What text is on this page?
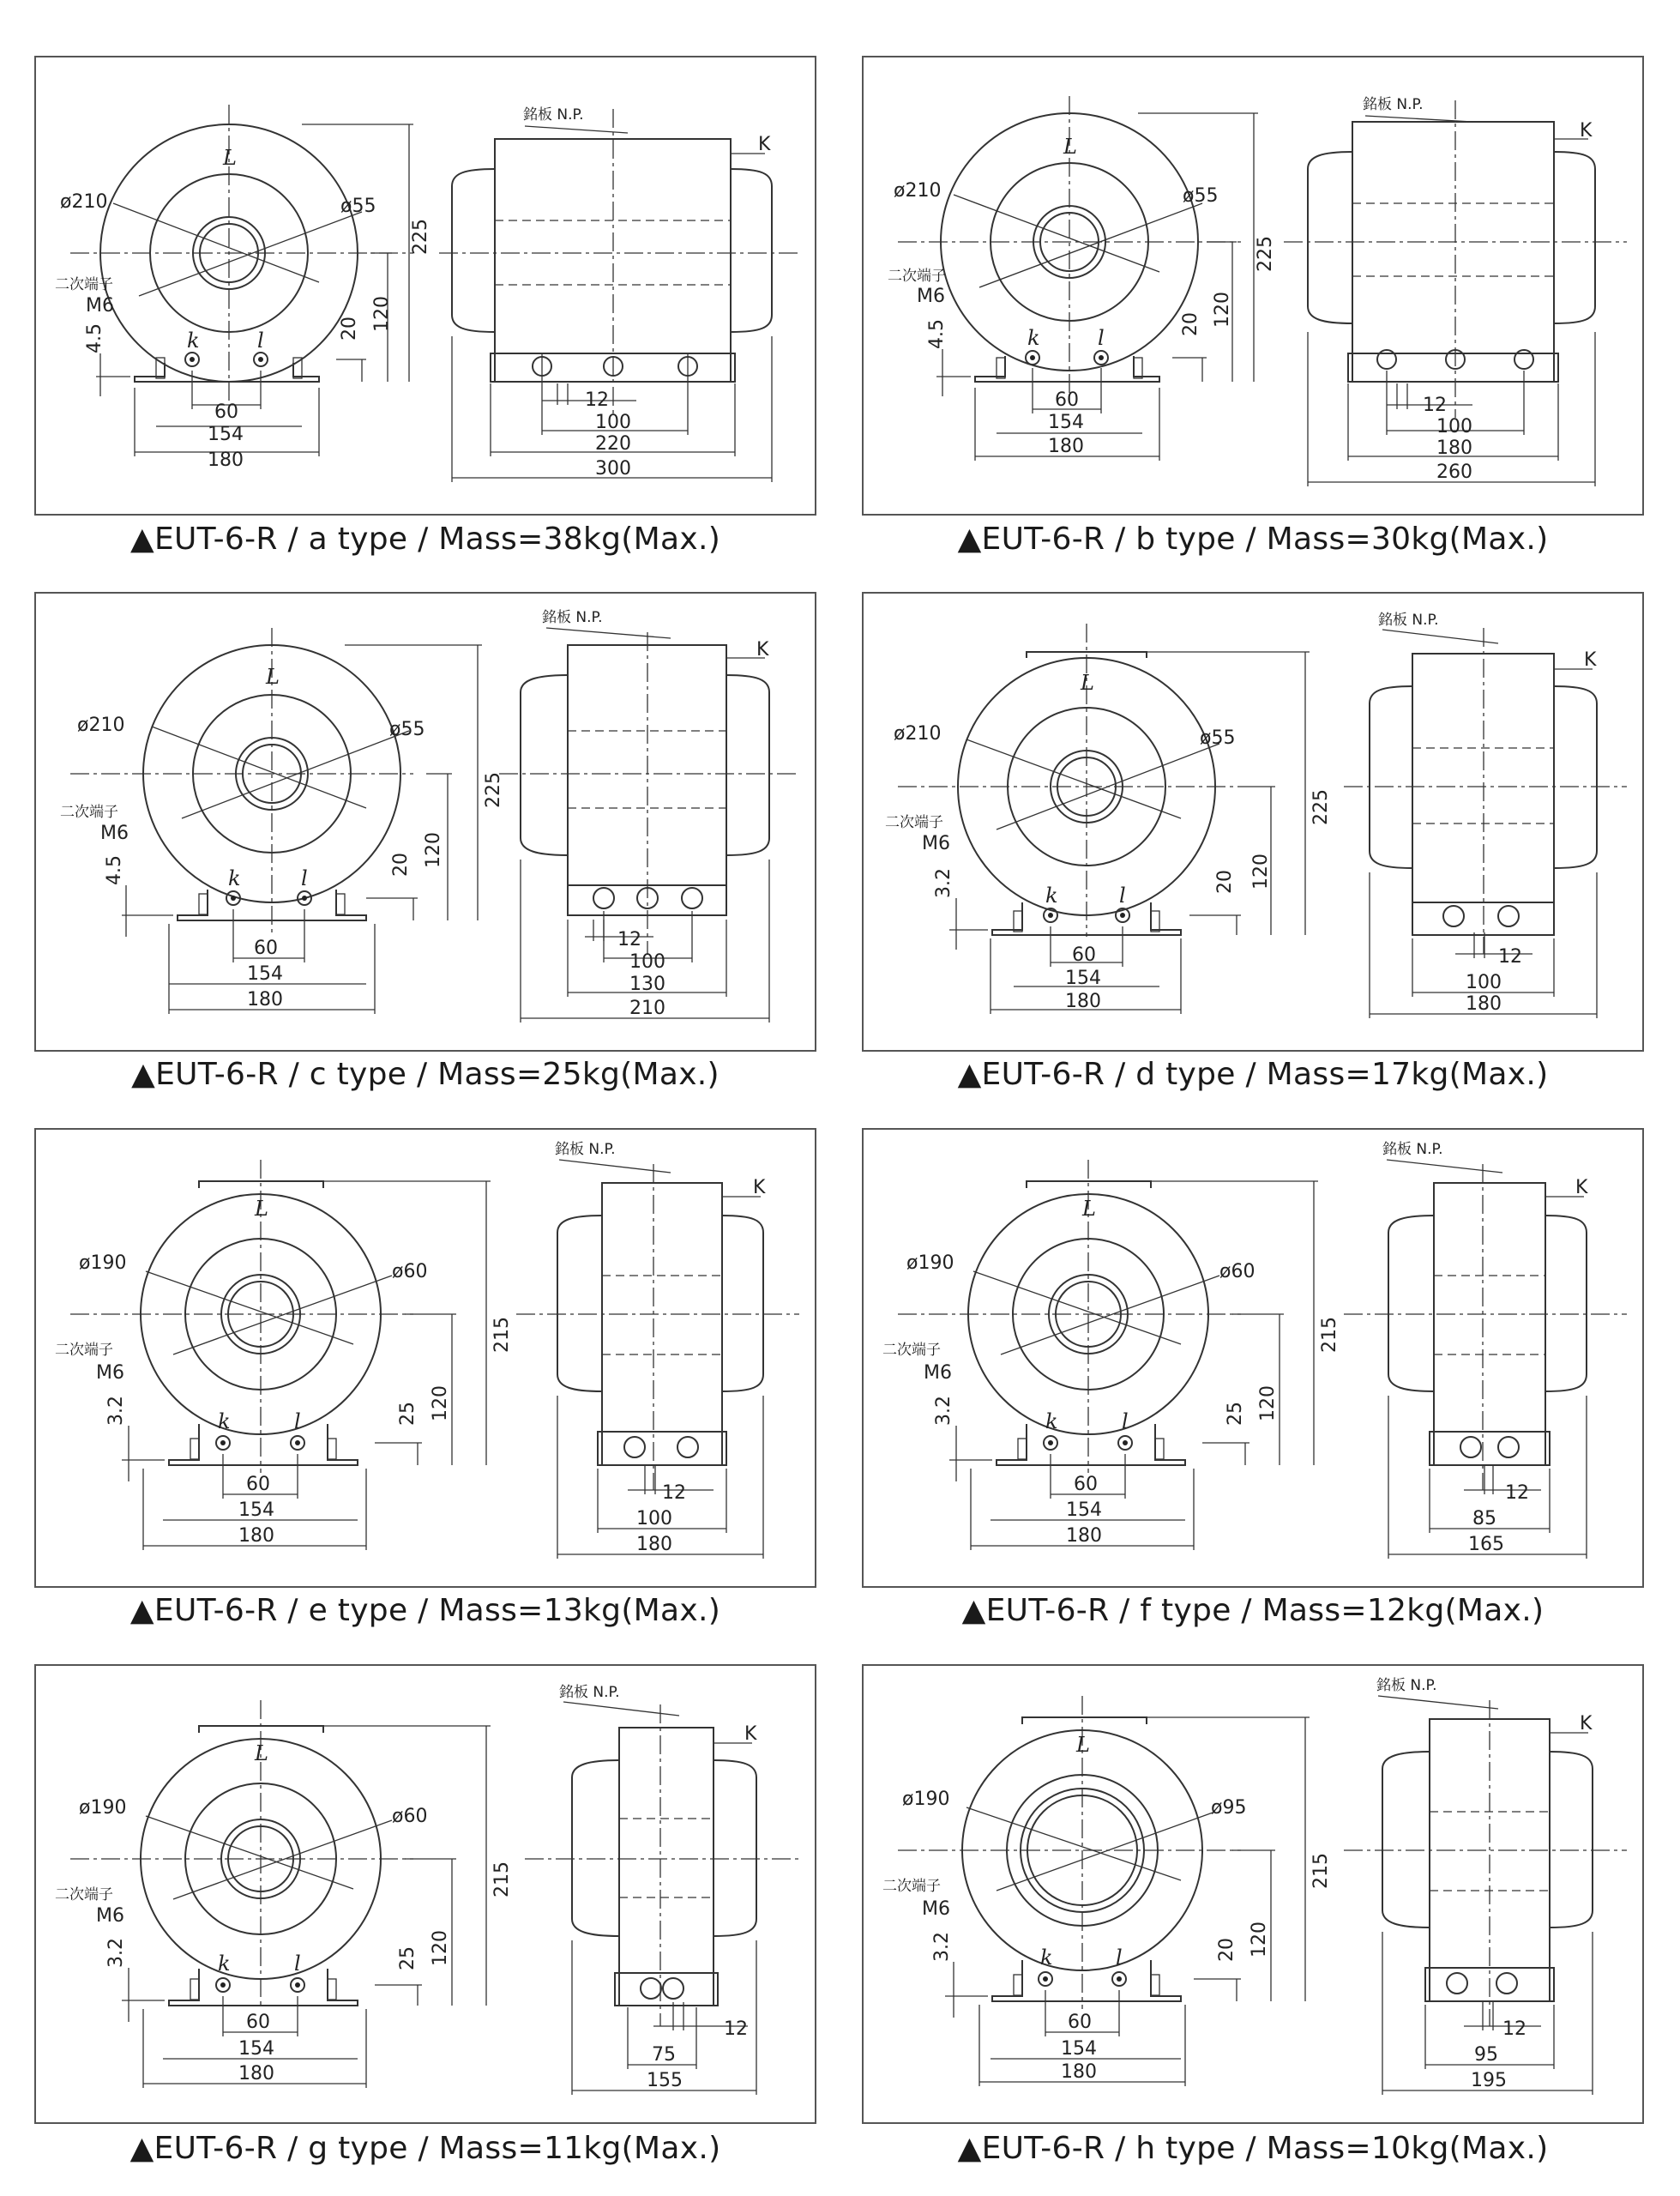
L
k	l
ø210	ø55
二次端子
M6
225
120
20
4.5
60
154
180
銘板 N.P.
K
12
100
220
300
▲EUT-6-R / a type / Mass=38kg(Max.)
L
k	l
ø210	ø55
二次端子
M6
225
120
20
4.5
60
154
180
銘板 N.P.
K
12
100
180
260
▲EUT-6-R / b type / Mass=30kg(Max.)
L
k	l
ø210	ø55
二次端子
M6
225
120
20
4.5
60
154
180
銘板 N.P.
K
12
100
130
210
▲EUT-6-R / c type / Mass=25kg(Max.)
L
k	l
ø210	ø55
二次端子
M6
225
120
20
3.2
60
154
180
銘板 N.P.
K
12
100
180
▲EUT-6-R / d type / Mass=17kg(Max.)
L
k	l
ø190	ø60
二次端子
M6
215
120
25
3.2
60
154
180
銘板 N.P.
K
12
100
180
▲EUT-6-R / e type / Mass=13kg(Max.)
L
k	l
ø190	ø60
二次端子
M6
215
120
25
3.2
60
154
180
銘板 N.P.
K
12
85
165
▲EUT-6-R / f type / Mass=12kg(Max.)
L
k	l
ø190	ø60
二次端子
M6
215
120
25
3.2
60
154
180
銘板 N.P.
K
12
75
155
▲EUT-6-R / g type / Mass=11kg(Max.)
L
k	l
ø190	ø95
二次端子
M6
215
120
20
3.2
60
154
180
銘板 N.P.
K
12
95
195
▲EUT-6-R / h type / Mass=10kg(Max.)
